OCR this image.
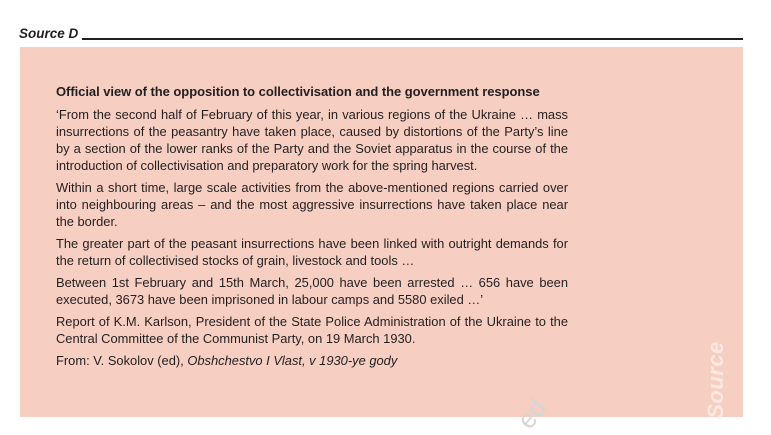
Source D

Official view of the opposition to collectivisation and the government response

‘From the second half of February of this year, in various regions of the Ukraine … mass insurrections of the peasantry have taken place, caused by distortions of the Party’s line by a section of the lower ranks of the Party and the Soviet apparatus in the course of the introduction of collectivisation and preparatory work for the spring harvest.

Within a short time, large scale activities from the above-mentioned regions carried over into neighbouring areas – and the most aggressive insurrections have taken place near the border.

The greater part of the peasant insurrections have been linked with outright demands for the return of collectivised stocks of grain, livestock and tools …

Between 1st February and 15th March, 25,000 have been arrested … 656 have been executed, 3673 have been imprisoned in labour camps and 5580 exiled …’

Report of K.M. Karlson, President of the State Police Administration of the Ukraine to the Central Committee of the Communist Party, on 19 March 1930.

From: V. Sokolov (ed), Obshchestvo I Vlast, v 1930-ye gody	Source
ed
